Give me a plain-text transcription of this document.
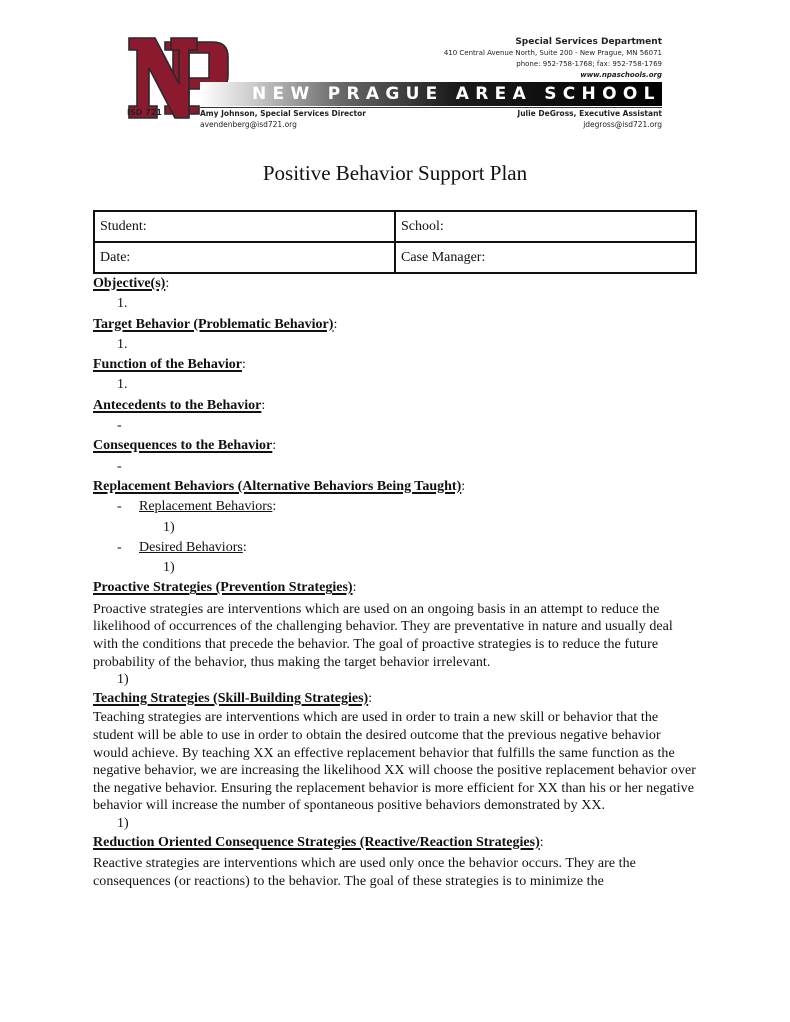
ISD 721
NEW PRAGUE AREA SCHOOLS
Special Services Department
410 Central Avenue North, Suite 200 - New Prague, MN 56071
phone: 952-758-1768; fax: 952-758-1769
www.npaschools.org
Amy Johnson, Special Services Director
avendenberg@isd721.org
Julie DeGross, Executive Assistant
jdegross@isd721.org
Positive Behavior Support Plan
Student:	School:
Date:	Case Manager:
Objective(s):
1.
Target Behavior (Problematic Behavior):
1.
Function of the Behavior:
1.
Antecedents to the Behavior:
-
Consequences to the Behavior:
-
Replacement Behaviors (Alternative Behaviors Being Taught):
- Replacement Behaviors:
1)
- Desired Behaviors:
1)
Proactive Strategies (Prevention Strategies):
Proactive strategies are interventions which are used on an ongoing basis in an attempt to reduce the likelihood of occurrences of the challenging behavior. They are preventative in nature and usually deal with the conditions that precede the behavior. The goal of proactive strategies is to reduce the future probability of the behavior, thus making the target behavior irrelevant.
1)
Teaching Strategies (Skill-Building Strategies):
Teaching strategies are interventions which are used in order to train a new skill or behavior that the student will be able to use in order to obtain the desired outcome that the previous negative behavior would achieve. By teaching XX an effective replacement behavior that fulfills the same function as the negative behavior, we are increasing the likelihood XX will choose the positive replacement behavior over the negative behavior. Ensuring the replacement behavior is more efficient for XX than his or her negative behavior will increase the number of spontaneous positive behaviors demonstrated by XX.
1)
Reduction Oriented Consequence Strategies (Reactive/Reaction Strategies):
Reactive strategies are interventions which are used only once the behavior occurs. They are the consequences (or reactions) to the behavior. The goal of these strategies is to minimize the
